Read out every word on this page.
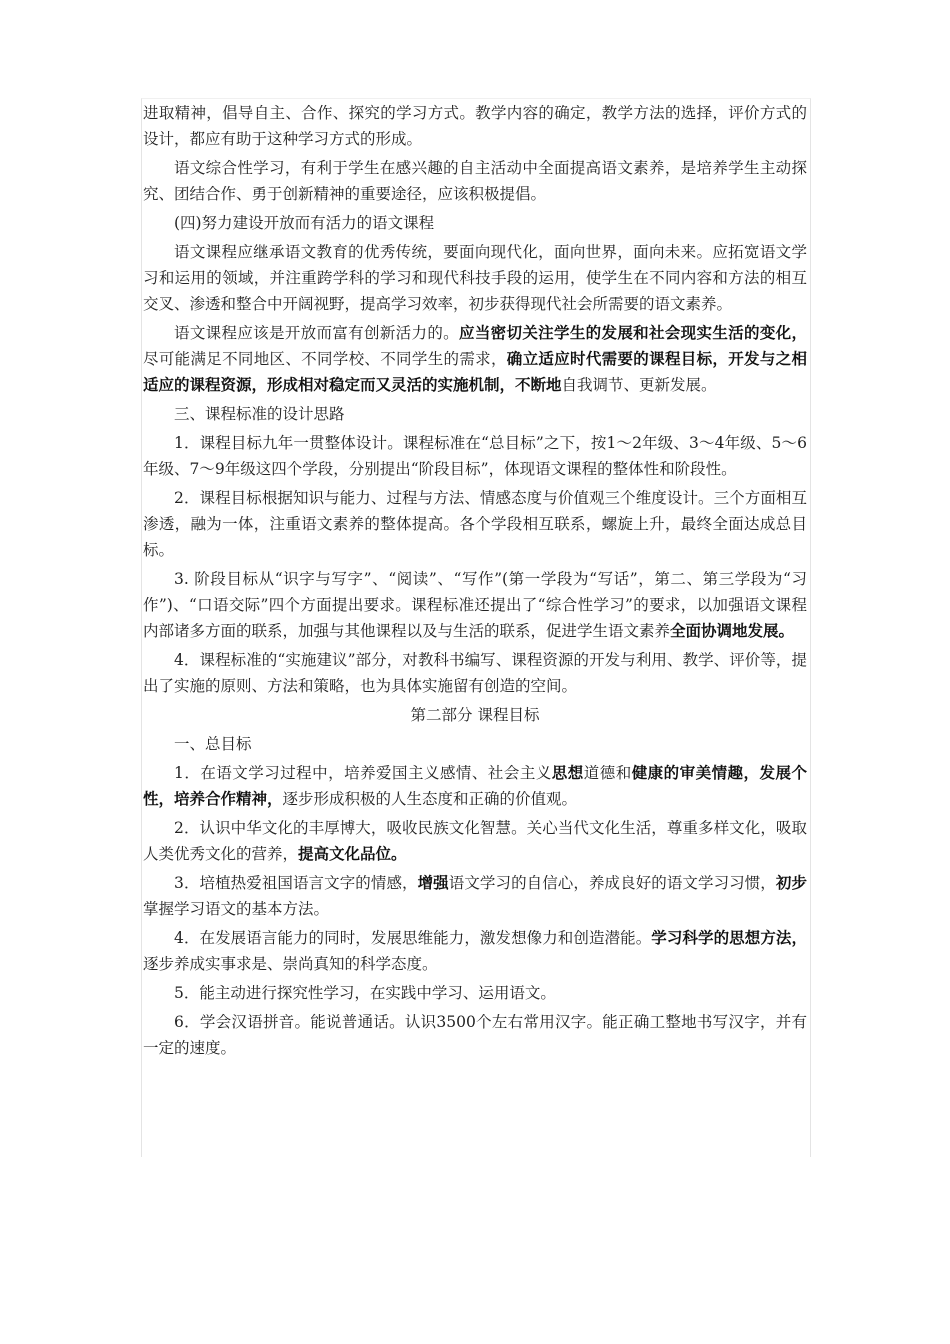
进取精神，倡导自主、合作、探究的学习方式。教学内容的确定，教学方法的选择，评价方式的设计，都应有助于这种学习方式的形成。

语文综合性学习，有利于学生在感兴趣的自主活动中全面提高语文素养，是培养学生主动探究、团结合作、勇于创新精神的重要途径，应该积极提倡。

(四)努力建设开放而有活力的语文课程

语文课程应继承语文教育的优秀传统，要面向现代化，面向世界，面向未来。应拓宽语文学习和运用的领域，并注重跨学科的学习和现代科技手段的运用，使学生在不同内容和方法的相互交叉、渗透和整合中开阔视野，提高学习效率，初步获得现代社会所需要的语文素养。

语文课程应该是开放而富有创新活力的。应当密切关注学生的发展和社会现实生活的变化，尽可能满足不同地区、不同学校、不同学生的需求，确立适应时代需要的课程目标，开发与之相适应的课程资源，形成相对稳定而又灵活的实施机制，不断地自我调节、更新发展。

三、课程标准的设计思路

1．课程目标九年一贯整体设计。课程标准在“总目标”之下，按1～2年级、3～4年级、5～6年级、7～9年级这四个学段，分别提出“阶段目标”，体现语文课程的整体性和阶段性。

2．课程目标根据知识与能力、过程与方法、情感态度与价值观三个维度设计。三个方面相互渗透，融为一体，注重语文素养的整体提高。各个学段相互联系，螺旋上升，最终全面达成总目标。

3. 阶段目标从“识字与写字”、“阅读”、“写作”(第一学段为“写话”，第二、第三学段为“习作”)、“口语交际”四个方面提出要求。课程标准还提出了“综合性学习”的要求，以加强语文课程内部诸多方面的联系，加强与其他课程以及与生活的联系，促进学生语文素养全面协调地发展。

4．课程标准的“实施建议”部分，对教科书编写、课程资源的开发与利用、教学、评价等，提出了实施的原则、方法和策略，也为具体实施留有创造的空间。

第二部分 课程目标

一、总目标

1．在语文学习过程中，培养爱国主义感情、社会主义思想道德和健康的审美情趣，发展个性，培养合作精神，逐步形成积极的人生态度和正确的价值观。

2．认识中华文化的丰厚博大，吸收民族文化智慧。关心当代文化生活，尊重多样文化，吸取人类优秀文化的营养，提高文化品位。

3．培植热爱祖国语言文字的情感，增强语文学习的自信心，养成良好的语文学习习惯，初步掌握学习语文的基本方法。

4．在发展语言能力的同时，发展思维能力，激发想像力和创造潜能。学习科学的思想方法，逐步养成实事求是、崇尚真知的科学态度。

5．能主动进行探究性学习，在实践中学习、运用语文。

6．学会汉语拼音。能说普通话。认识3500个左右常用汉字。能正确工整地书写汉字，并有一定的速度。
